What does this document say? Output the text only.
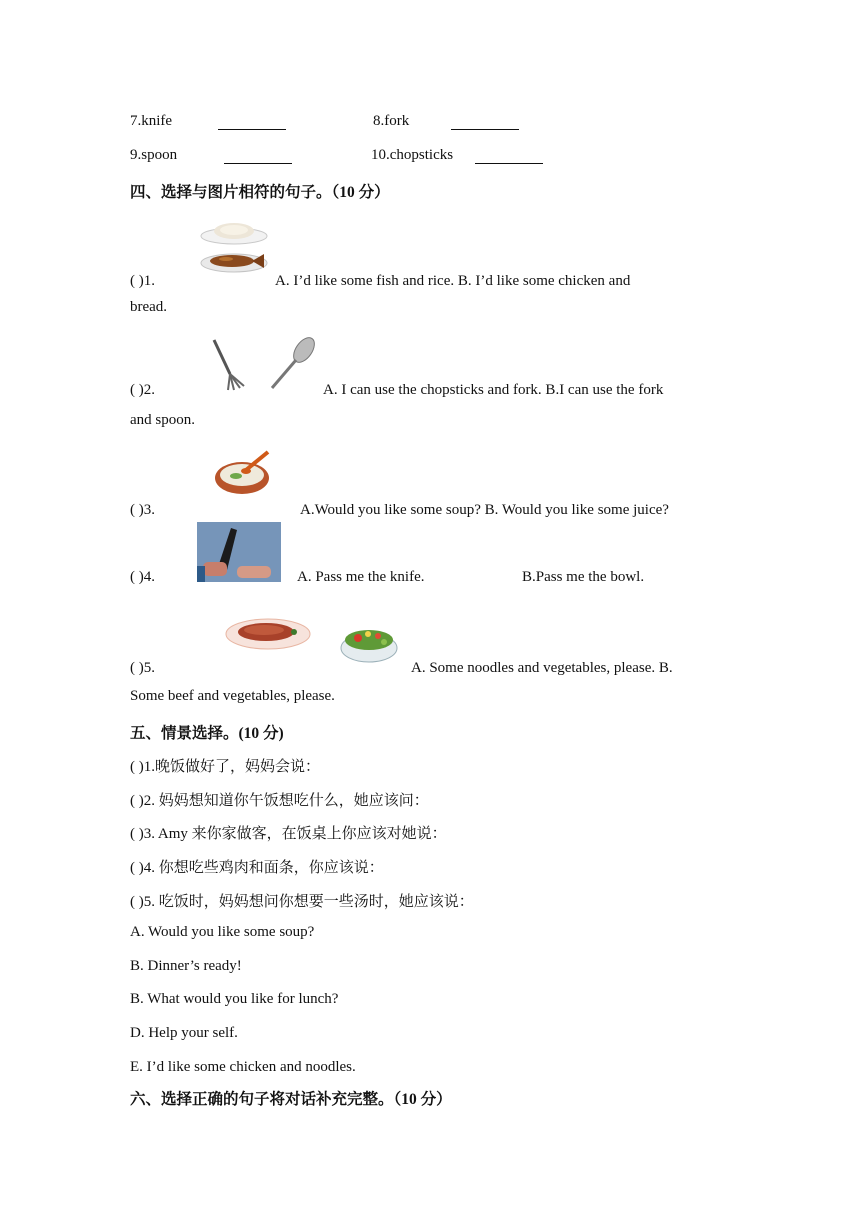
7.knife	8.fork
9.spoon	10.chopsticks
四、选择与图片相符的句子。（10 分）
( )1.	A. I’d like some fish and rice. B. I’d like some chicken and
bread.
( )2.	A. I can use the chopsticks and fork. B.I can use the fork
and spoon.
( )3.	A.Would you like some soup? B. Would you like some juice?
( )4.	A. Pass me the knife.	B.Pass me the bowl.
( )5.	A. Some noodles and vegetables, please. B.
Some beef and vegetables, please.
五、情景选择。(10 分)
( )1.晚饭做好了，妈妈会说：
( )2. 妈妈想知道你午饭想吃什么，她应该问：
( )3. Amy 来你家做客，在饭桌上你应该对她说：
( )4. 你想吃些鸡肉和面条，你应该说：
( )5. 吃饭时，妈妈想问你想要一些汤时，她应该说：
A. Would you like some soup?
B. Dinner’s ready!
B. What would you like for lunch?
D. Help your self.
E. I’d like some chicken and noodles.
六、选择正确的句子将对话补充完整。（10 分）
